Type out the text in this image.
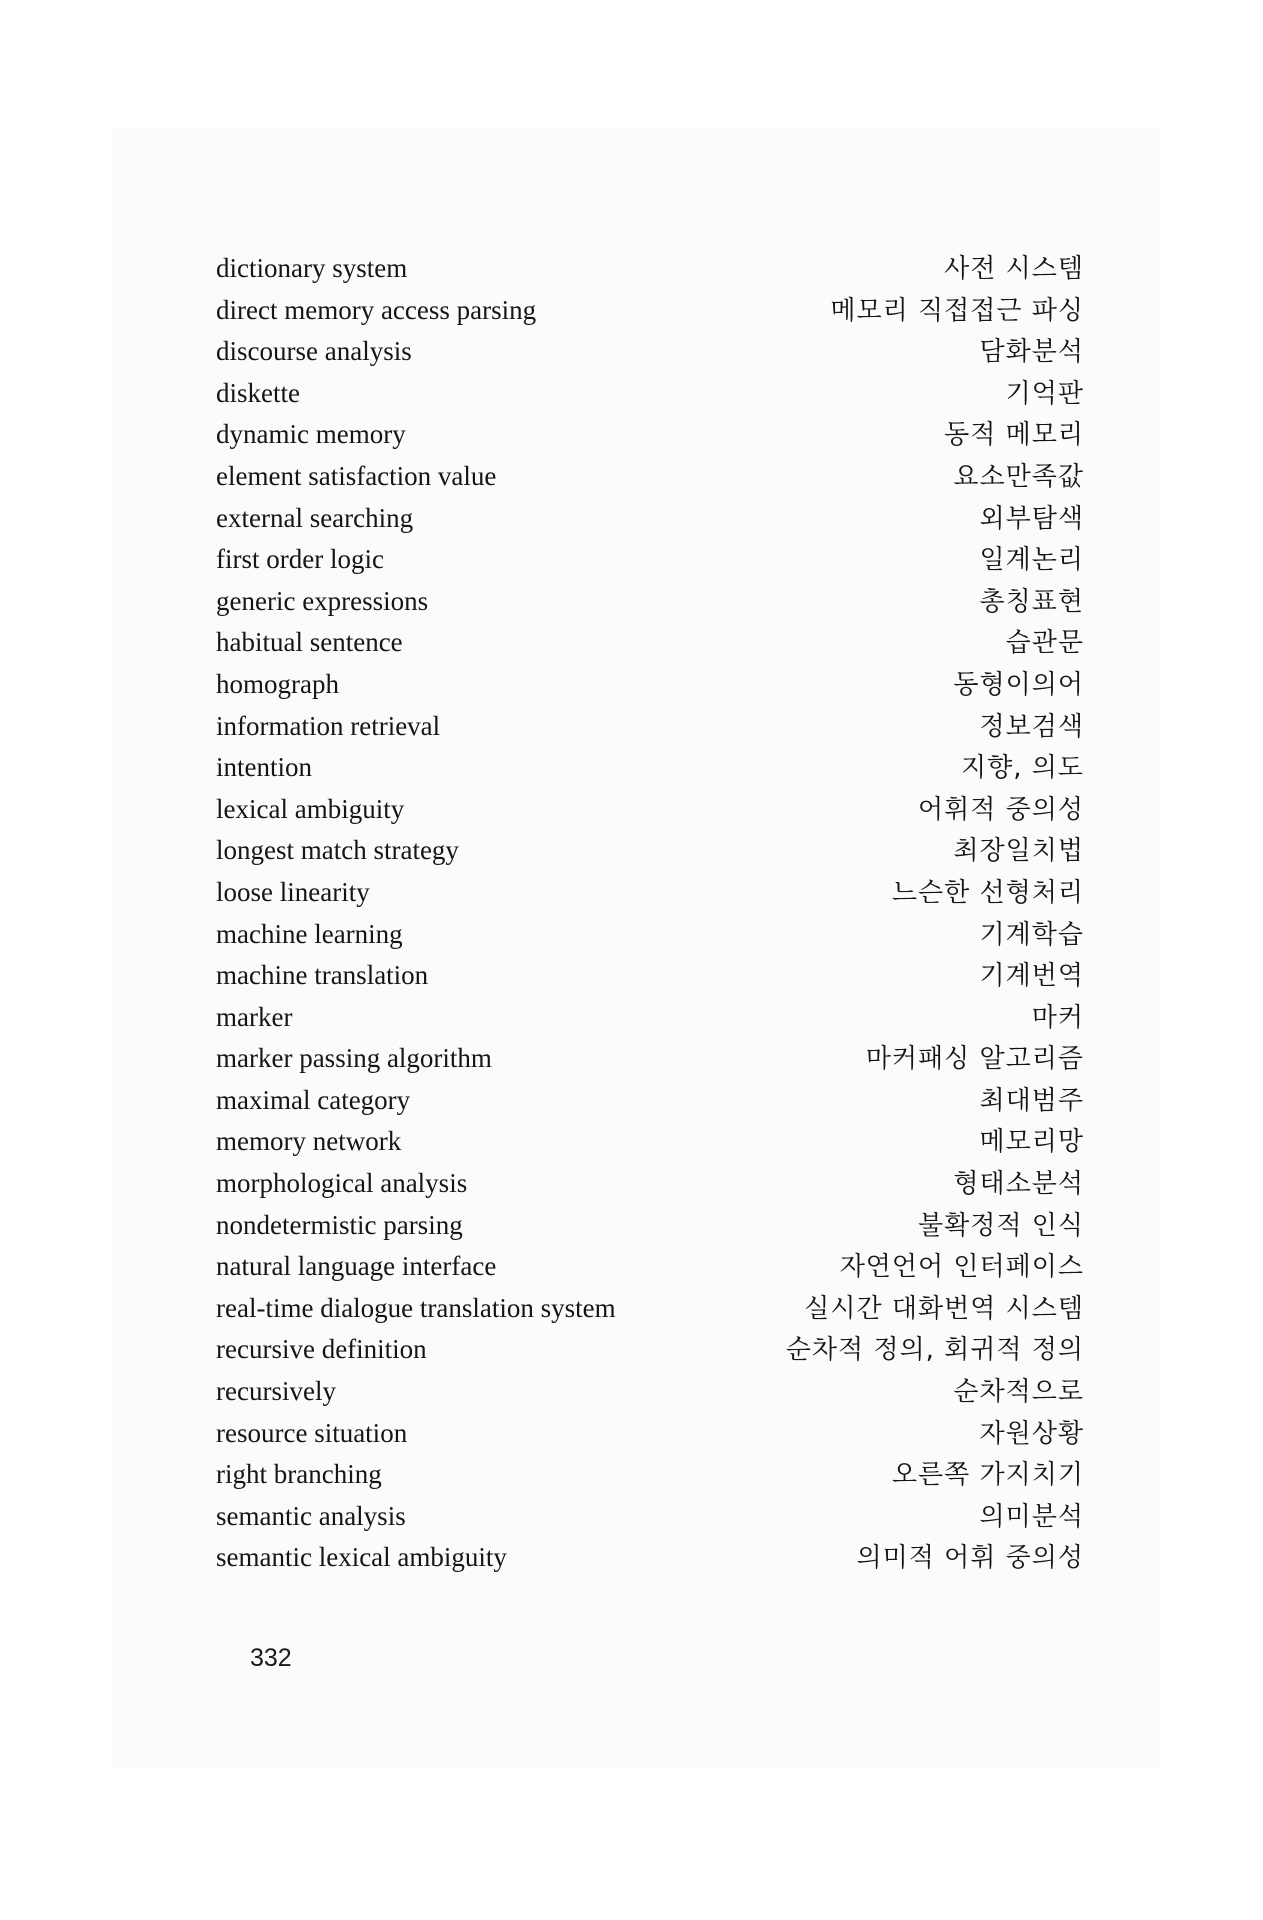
dictionary system	사전 시스템
direct memory access parsing	메모리 직접접근 파싱
discourse analysis	담화분석
diskette	기억판
dynamic memory	동적 메모리
element satisfaction value	요소만족값
external searching	외부탐색
first order logic	일계논리
generic expressions	총칭표현
habitual sentence	습관문
homograph	동형이의어
information retrieval	정보검색
intention	지향, 의도
lexical ambiguity	어휘적 중의성
longest match strategy	최장일치법
loose linearity	느슨한 선형처리
machine learning	기계학습
machine translation	기계번역
marker	마커
marker passing algorithm	마커패싱 알고리즘
maximal category	최대범주
memory network	메모리망
morphological analysis	형태소분석
nondetermistic parsing	불확정적 인식
natural language interface	자연언어 인터페이스
real-time dialogue translation system	실시간 대화번역 시스템
recursive definition	순차적 정의, 회귀적 정의
recursively	순차적으로
resource situation	자원상황
right branching	오른쪽 가지치기
semantic analysis	의미분석
semantic lexical ambiguity	의미적 어휘 중의성
332
